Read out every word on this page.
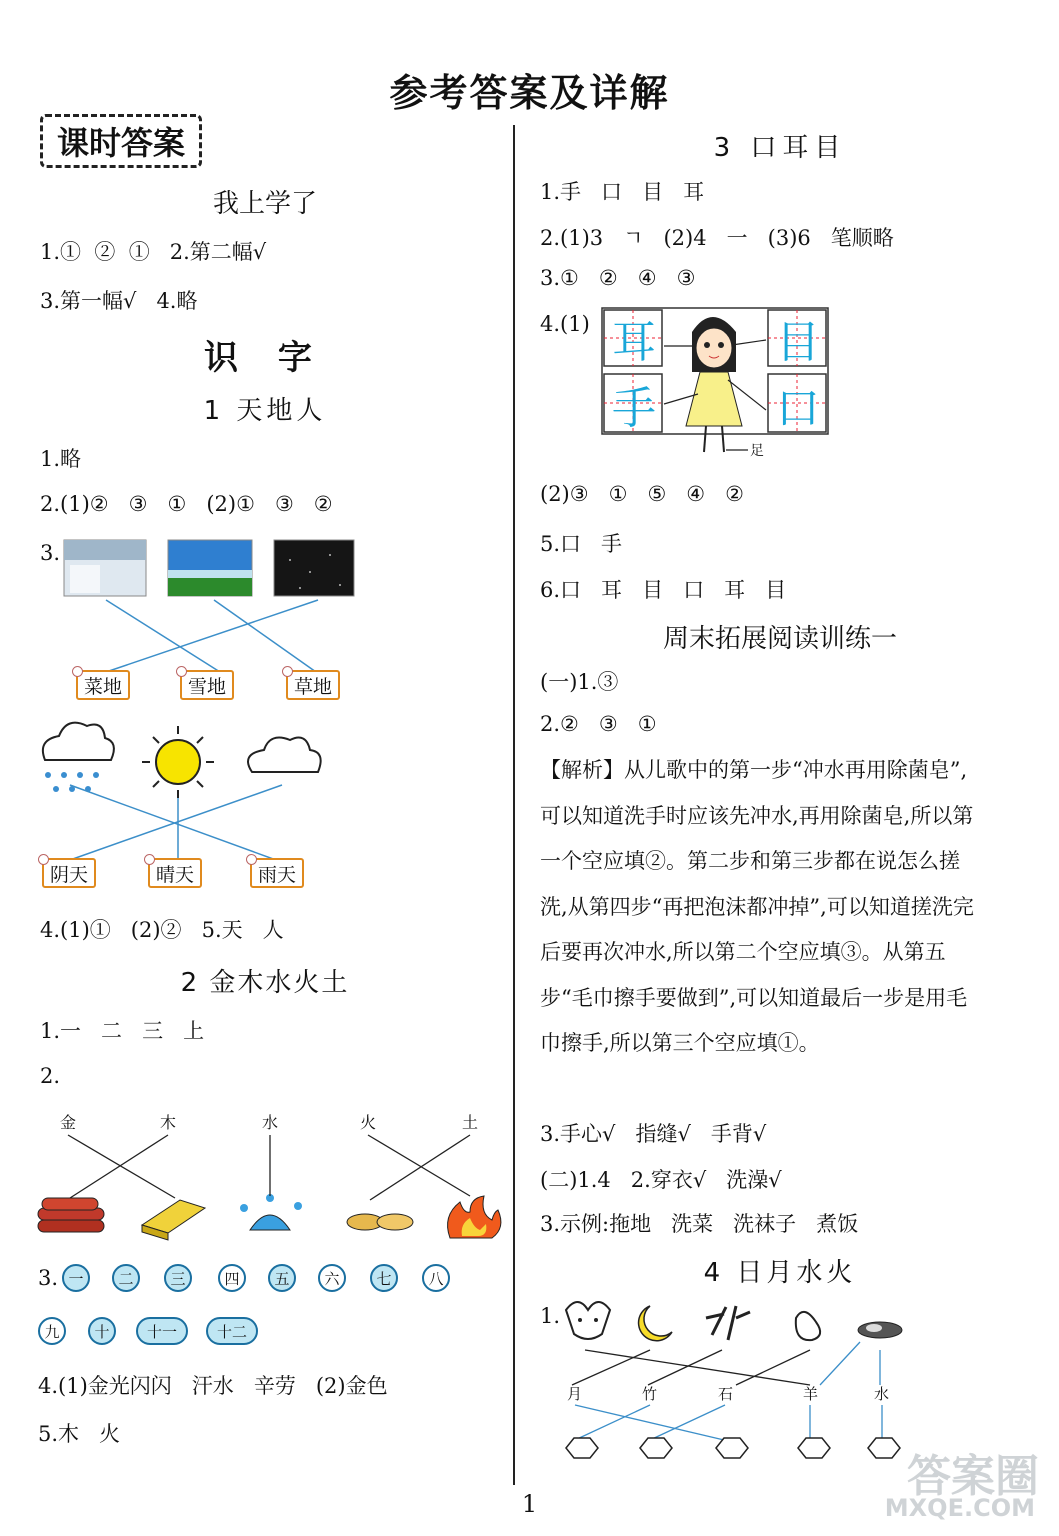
参考答案及详解
课时答案
我上学了
1.①  ②  ①   2.第二幅√
3.第一幅√   4.略
识 字
1 天地人
1.略
2.(1)②   ③   ①   (2)①   ③   ②
3.
菜地	雪地	草地
阴天	晴天	雨天
4.(1)①   (2)②   5.天   人
2 金木水火土
1.一   二   三   上
2.
金	木	水	火	土
3. 一	二	三	四	五	六	七	八
九	十	十一	十二
4.(1)金光闪闪   汗水   辛劳   (2)金色
5.木   火
3 口耳目
1.手   口   目   耳
2.(1)3   ㄱ   (2)4   一   (3)6   笔顺略
3.①   ②   ④   ③
4.(1) 耳
手
目
口
足
(2)③   ①   ⑤   ④   ②
5.口   手
6.口   耳   目   口   耳   目
周末拓展阅读训练一
(一)1.③
2.②   ③   ①
【解析】从儿歌中的第一步“冲水再用除菌皂”,可以知道洗手时应该先冲水,再用除菌皂,所以第一个空应填②。第二步和第三步都在说怎么搓洗,从第四步“再把泡沫都冲掉”,可以知道搓洗完后要再次冲水,所以第二个空应填③。从第五步“毛巾擦手要做到”,可以知道最后一步是用毛巾擦手,所以第三个空应填①。
3.手心√   指缝√   手背√
(二)1.4   2.穿衣√   洗澡√
3.示例:拖地   洗菜   洗袜子   煮饭
4 日月水火
1.
月	竹	石	羊	水
1
答案圈
MXQE.COM
